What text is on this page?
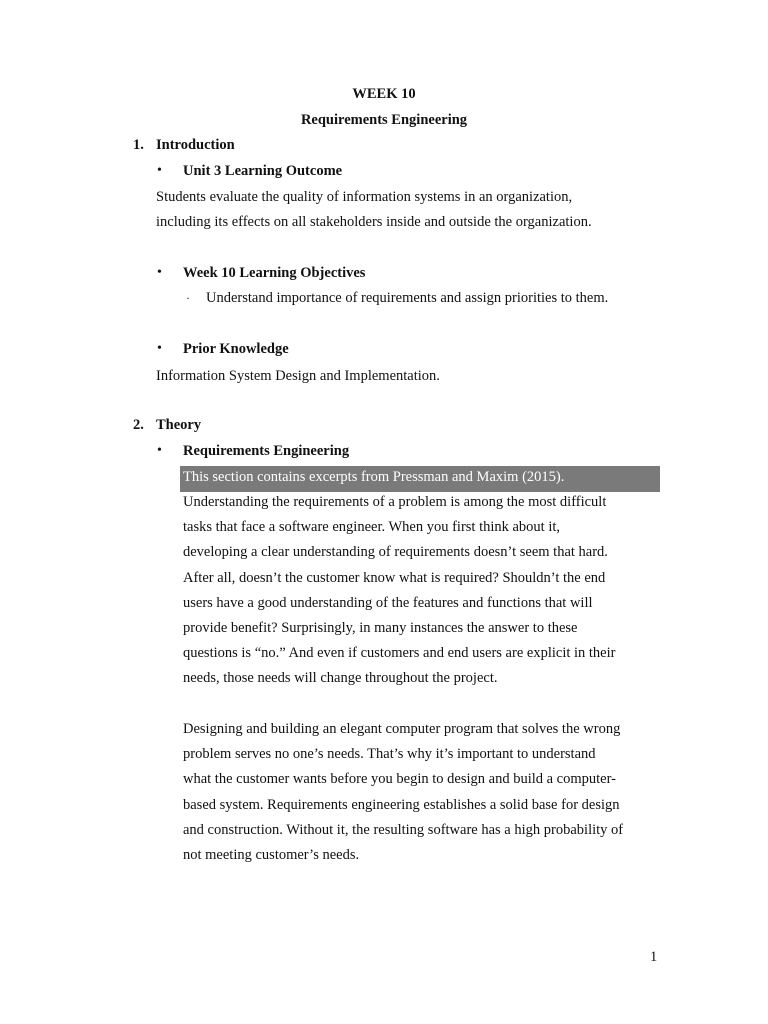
WEEK 10
Requirements Engineering
1. Introduction
• Unit 3 Learning Outcome
Students evaluate the quality of information systems in an organization,
including its effects on all stakeholders inside and outside the organization.
• Week 10 Learning Objectives
· Understand importance of requirements and assign priorities to them.
• Prior Knowledge
Information System Design and Implementation.
2. Theory
• Requirements Engineering
This section contains excerpts from Pressman and Maxim (2015).
Understanding the requirements of a problem is among the most difficult
tasks that face a software engineer. When you first think about it,
developing a clear understanding of requirements doesn’t seem that hard.
After all, doesn’t the customer know what is required? Shouldn’t the end
users have a good understanding of the features and functions that will
provide benefit? Surprisingly, in many instances the answer to these
questions is “no.” And even if customers and end users are explicit in their
needs, those needs will change throughout the project.
Designing and building an elegant computer program that solves the wrong
problem serves no one’s needs. That’s why it’s important to understand
what the customer wants before you begin to design and build a computer-
based system. Requirements engineering establishes a solid base for design
and construction. Without it, the resulting software has a high probability of
not meeting customer’s needs.
1
